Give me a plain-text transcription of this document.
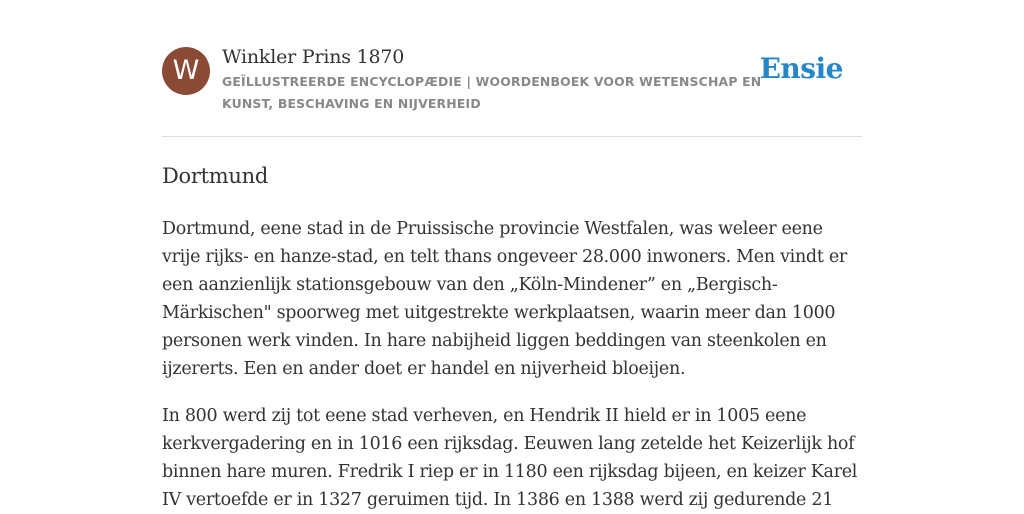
W	Winkler Prins 1870
GEÏLLUSTREERDE ENCYCLOPÆDIE | WOORDENBOEK VOOR WETENSCHAP EN KUNST, BESCHAVING EN NIJVERHEID
Ensie
Dortmund

Dortmund, eene stad in de Pruissische provincie Westfalen, was weleer eene vrije rijks- en hanze-stad, en telt thans ongeveer 28.000 inwoners. Men vindt er een aanzienlijk stationsgebouw van den „Köln-Mindener” en „Bergisch-Märkischen" spoorweg met uitgestrekte werkplaatsen, waarin meer dan 1000 personen werk vinden. In hare nabijheid liggen beddingen van steenkolen en ijzererts. Een en ander doet er handel en nijverheid bloeijen.

In 800 werd zij tot eene stad verheven, en Hendrik II hield er in 1005 eene kerkvergadering en in 1016 een rijksdag. Eeuwen lang zetelde het Keizerlijk hof binnen hare muren. Fredrik I riep er in 1180 een rijksdag bijeen, en keizer Karel IV vertoefde er in 1327 geruimen tijd. In 1386 en 1388 werd zij gedurende 21
